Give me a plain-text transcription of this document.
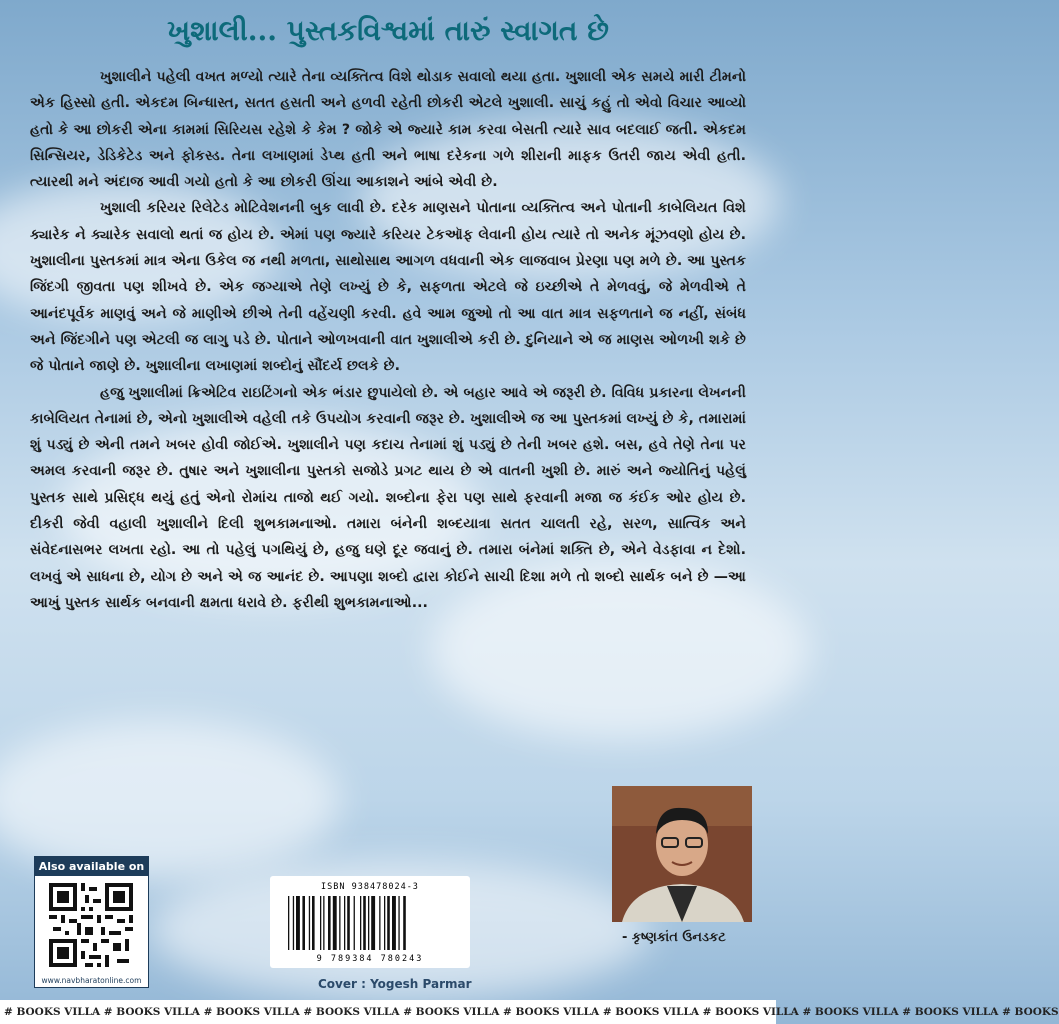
ખુશાલી... પુસ્તકવિશ્વમાં તારું સ્વાગત છે

ખુશાલીને પહેલી વખત મળ્યો ત્યારે તેના વ્યક્તિત્વ વિશે થોડાક સવાલો થયા હતા. ખુશાલી એક સમયે મારી ટીમનો એક હિસ્સો હતી. એકદમ બિન્ધાસ્ત, સતત હસતી અને હળવી રહેતી છોકરી એટલે ખુશાલી. સાચું કહું તો એવો વિચાર આવ્યો હતો કે આ છોકરી એના કામમાં સિરિયસ રહેશે કે કેમ ? જોકે એ જ્યારે કામ કરવા બેસતી ત્યારે સાવ બદલાઈ જતી. એકદમ સિન્સિયર, ડેડિકેટેડ અને ફોકસ્ડ. તેના લખાણમાં ડેપ્થ હતી અને ભાષા દરેકના ગળે શીરાની માફક ઉતરી જાય એવી હતી. ત્યારથી મને અંદાજ આવી ગયો હતો કે આ છોકરી ઊંચા આકાશને આંબે એવી છે.

ખુશાલી કરિયર રિલેટેડ મોટિવેશનની બુક લાવી છે. દરેક માણસને પોતાના વ્યક્તિત્વ અને પોતાની કાબેલિયત વિશે ક્યારેક ને ક્યારેક સવાલો થતાં જ હોય છે. એમાં પણ જ્યારે કરિયર ટેકઑફ લેવાની હોય ત્યારે તો અનેક મૂંઝવણો હોય છે. ખુશાલીના પુસ્તકમાં માત્ર એના ઉકેલ જ નથી મળતા, સાથોસાથ આગળ વધવાની એક લાજવાબ પ્રેરણા પણ મળે છે. આ પુસ્તક જિંદગી જીવતા પણ શીખવે છે. એક જગ્યાએ તેણે લખ્યું છે કે, સફળતા એટલે જે ઇચ્છીએ તે મેળવવું, જે મેળવીએ તે આનંદપૂર્વક માણવું અને જે માણીએ છીએ તેની વહેંચણી કરવી. હવે આમ જુઓ તો આ વાત માત્ર સફળતાને જ નહીં, સંબંધ અને જિંદગીને પણ એટલી જ લાગુ પડે છે. પોતાને ઓળખવાની વાત ખુશાલીએ કરી છે. દુનિયાને એ જ માણસ ઓળખી શકે છે જે પોતાને જાણે છે. ખુશાલીના લખાણમાં શબ્દોનું સૌંદર્ય છલકે છે.

હજુ ખુશાલીમાં ક્રિએટિવ રાઇટિંગનો એક ભંડાર છુપાયેલો છે. એ બહાર આવે એ જરૂરી છે. વિવિધ પ્રકારના લેખનની કાબેલિયત તેનામાં છે, એનો ખુશાલીએ વહેલી તકે ઉપયોગ કરવાની જરૂર છે. ખુશાલીએ જ આ પુસ્તકમાં લખ્યું છે કે, તમારામાં શું પડ્યું છે એની તમને ખબર હોવી જોઈએ. ખુશાલીને પણ કદાચ તેનામાં શું પડ્યું છે તેની ખબર હશે. બસ, હવે તેણે તેના પર અમલ કરવાની જરૂર છે. તુષાર અને ખુશાલીના પુસ્તકો સજોડે પ્રગટ થાય છે એ વાતની ખુશી છે. મારું અને જ્યોતિનું પહેલું પુસ્તક સાથે પ્રસિદ્ધ થયું હતું એનો રોમાંચ તાજો થઈ ગયો. શબ્દોના ફેરા પણ સાથે ફરવાની મજા જ કંઈક ઓર હોય છે. દીકરી જેવી વહાલી ખુશાલીને દિલી શુભકામનાઓ. તમારા બંનેની શબ્દયાત્રા સતત ચાલતી રહે, સરળ, સાત્વિક અને સંવેદનાસભર લખતા રહો. આ તો પહેલું પગથિયું છે, હજુ ઘણે દૂર જવાનું છે. તમારા બંનેમાં શક્તિ છે, એને વેડફાવા ન દેશો. લખવું એ સાધના છે, યોગ છે અને એ જ આનંદ છે. આપણા શબ્દો દ્વારા કોઈને સાચી દિશા મળે તો શબ્દો સાર્થક બને છે —આ આખું પુસ્તક સાર્થક બનવાની ક્ષમતા ધરાવે છે. ફરીથી શુભકામનાઓ...

Also available on
www.navbharatonline.com
ISBN 938478024-3
9 789384 780243
Cover : Yogesh Parmar
- કૃષ્ણકાંત ઉનડકટ
# BOOKS VILLA # BOOKS VILLA # BOOKS VILLA # BOOKS VILLA # BOOKS VILLA # BOOKS VILLA # BOOKS VILLA # BOOKS VILLA # BOOKS VILLA # BOOKS VILLA # BOOKS
